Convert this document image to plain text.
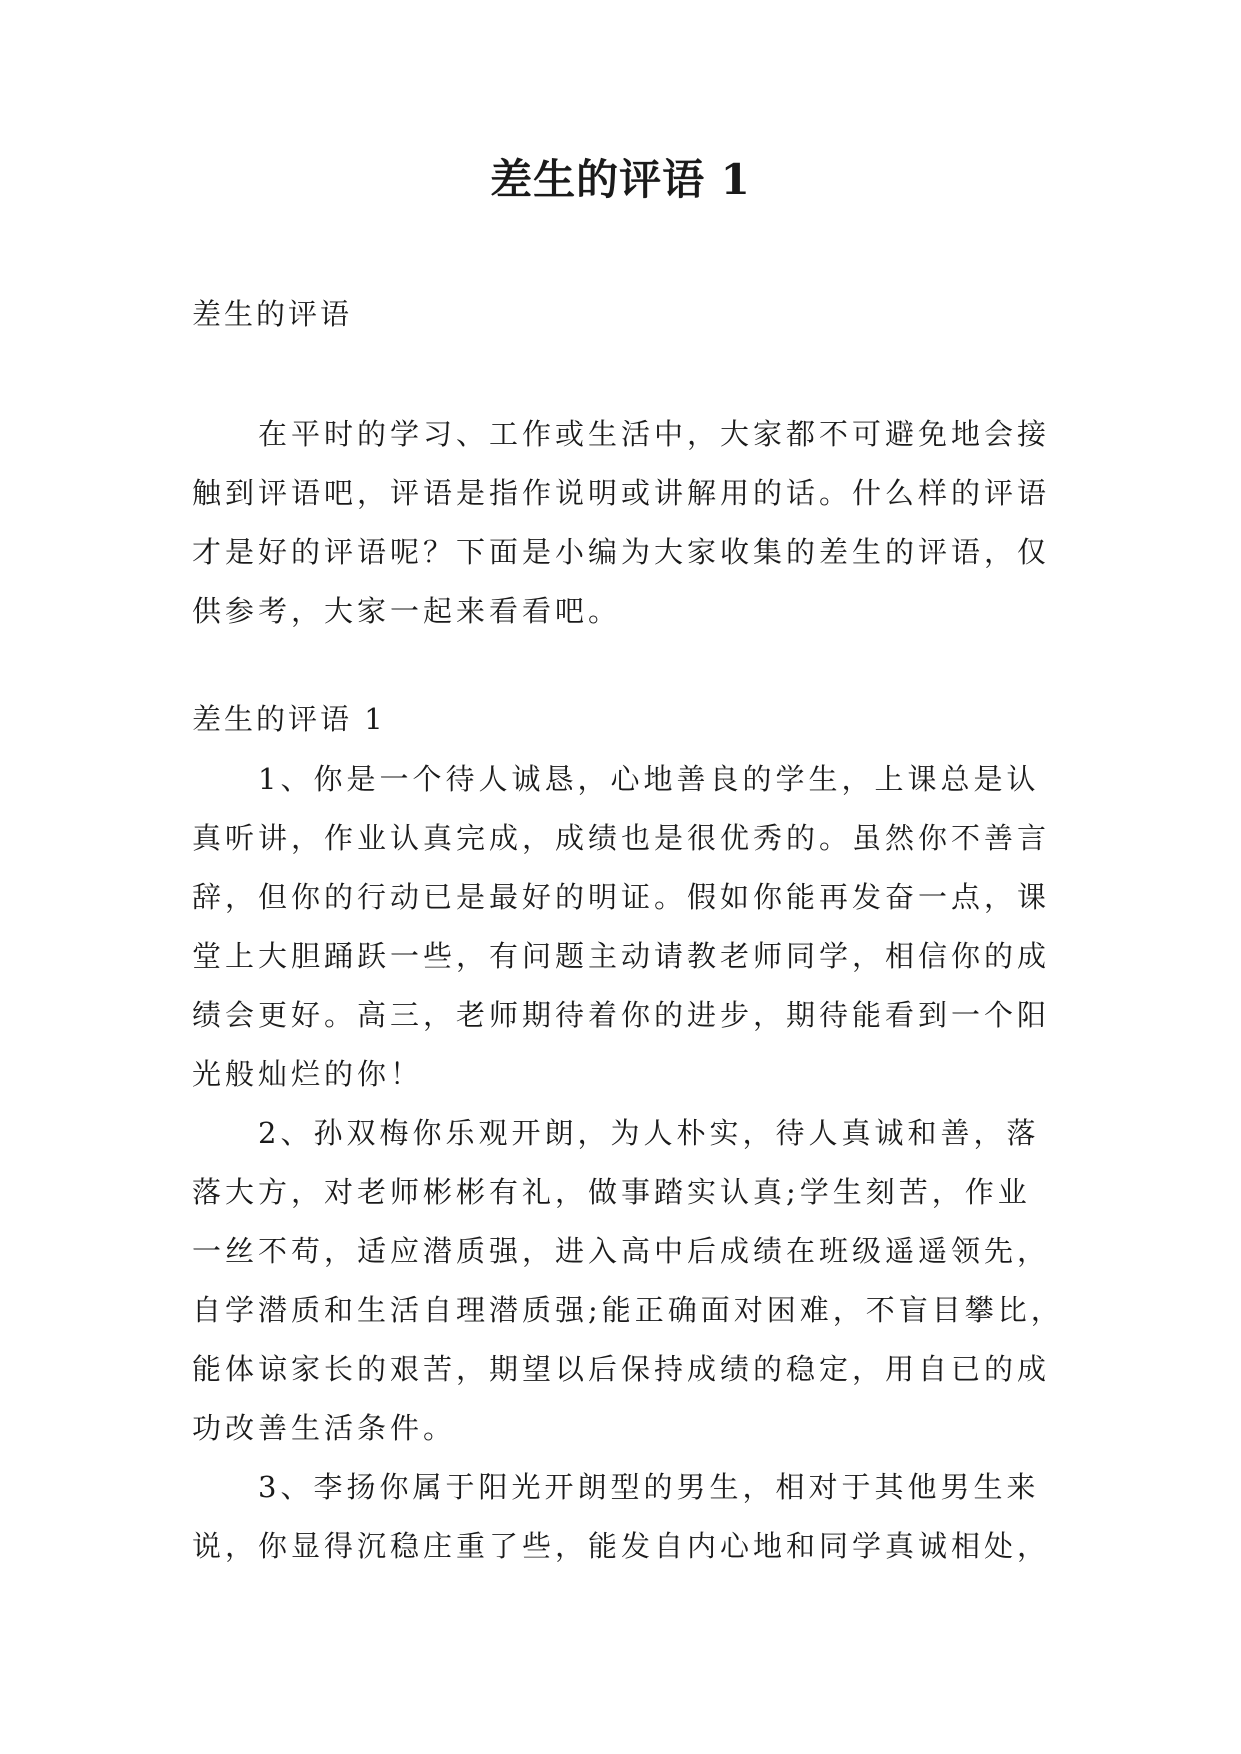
差生的评语 1
差生的评语
　　在平时的学习、工作或生活中，大家都不可避免地会接
触到评语吧，评语是指作说明或讲解用的话。什么样的评语
才是好的评语呢？下面是小编为大家收集的差生的评语，仅
供参考，大家一起来看看吧。
差生的评语 1
　　1、你是一个待人诚恳，心地善良的学生，上课总是认
真听讲，作业认真完成，成绩也是很优秀的。虽然你不善言
辞，但你的行动已是最好的明证。假如你能再发奋一点，课
堂上大胆踊跃一些，有问题主动请教老师同学，相信你的成
绩会更好。高三，老师期待着你的进步，期待能看到一个阳
光般灿烂的你！
　　2、孙双梅你乐观开朗，为人朴实，待人真诚和善，落
落大方，对老师彬彬有礼，做事踏实认真;学生刻苦，作业
一丝不苟，适应潜质强，进入高中后成绩在班级遥遥领先，
自学潜质和生活自理潜质强;能正确面对困难，不盲目攀比，
能体谅家长的艰苦，期望以后保持成绩的稳定，用自已的成
功改善生活条件。
　　3、李扬你属于阳光开朗型的男生，相对于其他男生来
说，你显得沉稳庄重了些，能发自内心地和同学真诚相处，
